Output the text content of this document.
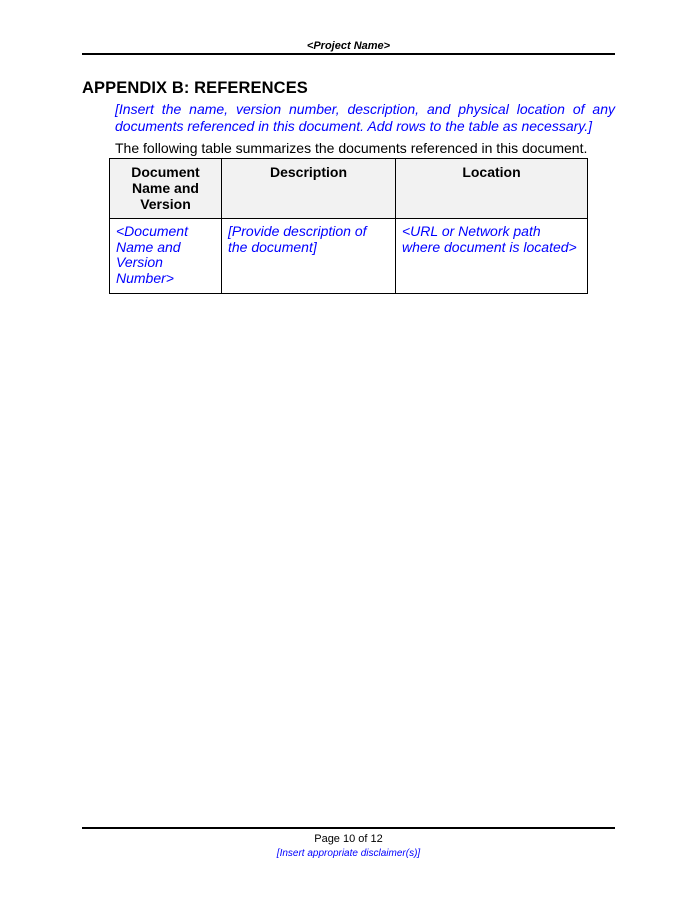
<Project Name>
APPENDIX B: REFERENCES

[Insert the name, version number, description, and physical location of any documents referenced in this document. Add rows to the table as necessary.]

The following table summarizes the documents referenced in this document.

Document Name and Version	Description	Location
<Document Name and Version Number>	[Provide description of the document]	<URL or Network path where document is located>
Page 10 of 12
[Insert appropriate disclaimer(s)]
